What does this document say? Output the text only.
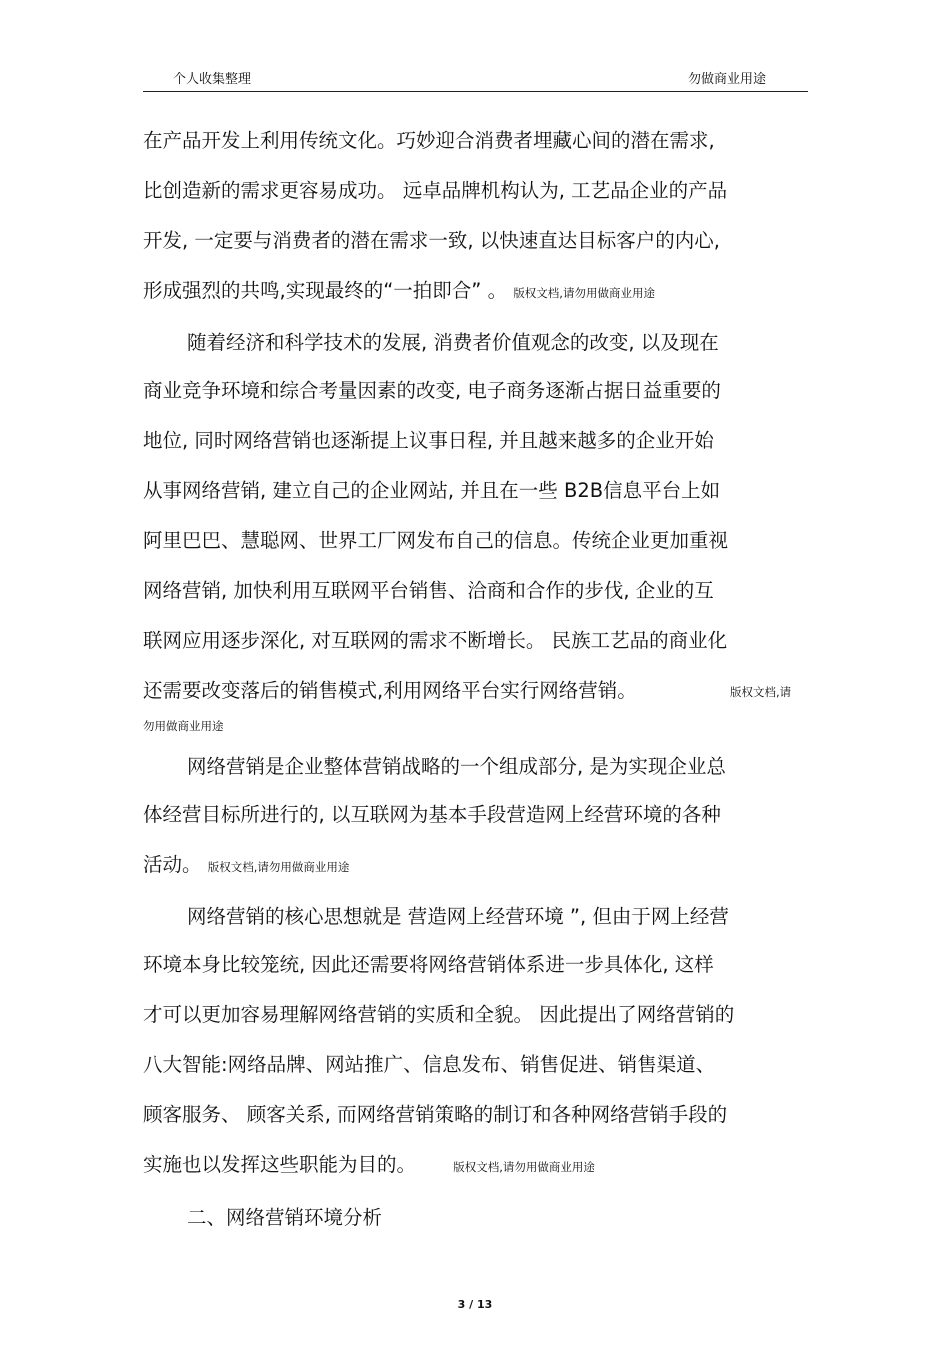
个人收集整理	勿做商业用途
在产品开发上利用传统文化。巧妙迎合消费者埋藏心间的潜在需求,
比创造新的需求更容易成功。 远卓品牌机构认为, 工艺品企业的产品
开发, 一定要与消费者的潜在需求一致, 以快速直达目标客户的内心,
形成强烈的共鸣,实现最终的“一拍即合” 。 版权文档,请勿用做商业用途
随着经济和科学技术的发展, 消费者价值观念的改变, 以及现在
商业竞争环境和综合考量因素的改变, 电子商务逐渐占据日益重要的
地位, 同时网络营销也逐渐提上议事日程, 并且越来越多的企业开始
从事网络营销, 建立自己的企业网站, 并且在一些 B2B信息平台上如
阿里巴巴、慧聪网、世界工厂网发布自己的信息。传统企业更加重视
网络营销, 加快利用互联网平台销售、洽商和合作的步伐, 企业的互
联网应用逐步深化, 对互联网的需求不断增长。 民族工艺品的商业化
还需要改变落后的销售模式,利用网络平台实行网络营销。	版权文档,请
勿用做商业用途
网络营销是企业整体营销战略的一个组成部分, 是为实现企业总
体经营目标所进行的, 以互联网为基本手段营造网上经营环境的各种
活动。 版权文档,请勿用做商业用途
网络营销的核心思想就是 营造网上经营环境 ”, 但由于网上经营
环境本身比较笼统, 因此还需要将网络营销体系进一步具体化, 这样
才可以更加容易理解网络营销的实质和全貌。 因此提出了网络营销的
八大智能:网络品牌、网站推广、信息发布、销售促进、销售渠道、
顾客服务、 顾客关系, 而网络营销策略的制订和各种网络营销手段的
实施也以发挥这些职能为目的。	版权文档,请勿用做商业用途
二、网络营销环境分析
3 / 13
